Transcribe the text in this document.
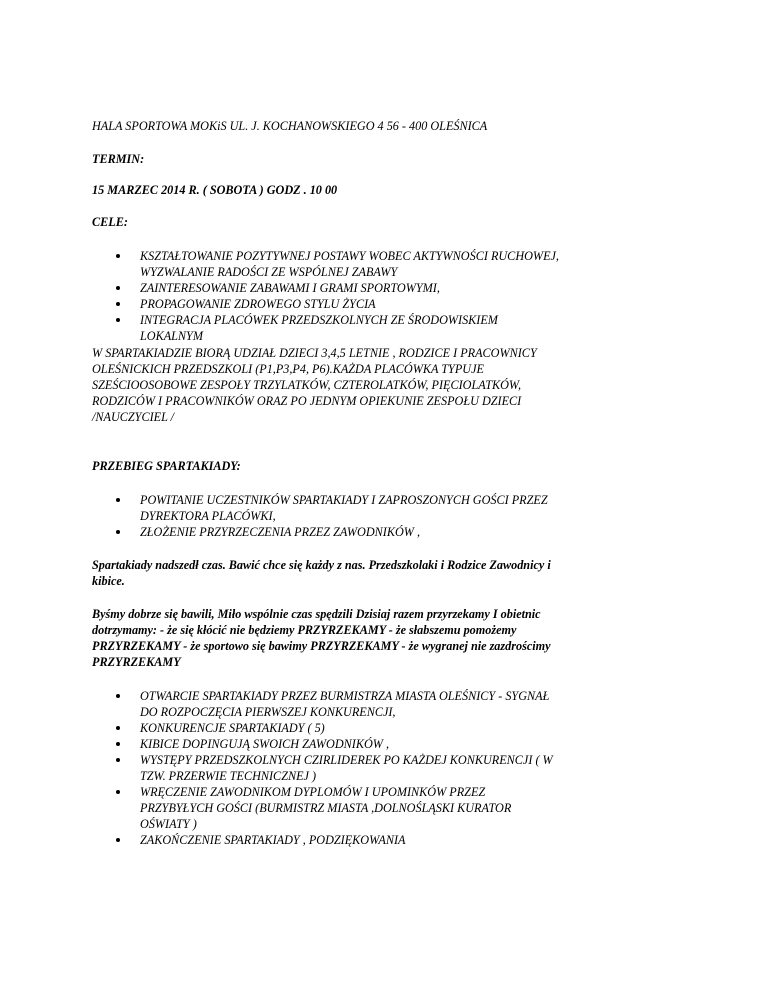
HALA SPORTOWA MOKiS UL. J. KOCHANOWSKIEGO 4 56 - 400 OLEŚNICA
TERMIN:
15 MARZEC 2014 R. ( SOBOTA ) GODZ . 10 00
CELE:
KSZTAŁTOWANIE POZYTYWNEJ POSTAWY WOBEC AKTYWNOŚCI RUCHOWEJ,
WYZWALANIE RADOŚCI ZE WSPÓLNEJ ZABAWY
ZAINTERESOWANIE ZABAWAMI I GRAMI SPORTOWYMI,
PROPAGOWANIE ZDROWEGO STYLU ŻYCIA
INTEGRACJA PLACÓWEK PRZEDSZKOLNYCH ZE ŚRODOWISKIEM
LOKALNYM
W SPARTAKIADZIE BIORĄ UDZIAŁ DZIECI 3,4,5 LETNIE , RODZICE I PRACOWNICY
OLEŚNICKICH PRZEDSZKOLI (P1,P3,P4, P6).KAŻDA PLACÓWKA TYPUJE
SZEŚCIOOSOBOWE ZESPOŁY TRZYLATKÓW, CZTEROLATKÓW, PIĘCIOLATKÓW,
RODZICÓW I PRACOWNIKÓW ORAZ PO JEDNYM OPIEKUNIE ZESPOŁU DZIECI
/NAUCZYCIEL /
PRZEBIEG SPARTAKIADY:
POWITANIE UCZESTNIKÓW SPARTAKIADY I ZAPROSZONYCH GOŚCI PRZEZ
DYREKTORA PLACÓWKI,
ZŁOŻENIE PRZYRZECZENIA PRZEZ ZAWODNIKÓW ,
Spartakiady nadszedł czas. Bawić chce się każdy z nas. Przedszkolaki i Rodzice Zawodnicy i
kibice.
Byśmy dobrze się bawili, Miło wspólnie czas spędzili Dzisiaj razem przyrzekamy I obietnic
dotrzymamy: - że się kłócić nie będziemy PRZYRZEKAMY - że słabszemu pomożemy
PRZYRZEKAMY - że sportowo się bawimy PRZYRZEKAMY - że wygranej nie zazdrościmy
PRZYRZEKAMY
OTWARCIE SPARTAKIADY PRZEZ BURMISTRZA MIASTA OLEŚNICY - SYGNAŁ
DO ROZPOCZĘCIA PIERWSZEJ KONKURENCJI,
KONKURENCJE SPARTAKIADY ( 5)
KIBICE DOPINGUJĄ SWOICH ZAWODNIKÓW ,
WYSTĘPY PRZEDSZKOLNYCH CZIRLIDEREK PO KAŻDEJ KONKURENCJI ( W
TZW. PRZERWIE TECHNICZNEJ )
WRĘCZENIE ZAWODNIKOM DYPLOMÓW I UPOMINKÓW PRZEZ
PRZYBYŁYCH GOŚCI (BURMISTRZ MIASTA ,DOLNOŚLĄSKI KURATOR
OŚWIATY )
ZAKOŃCZENIE SPARTAKIADY , PODZIĘKOWANIA
